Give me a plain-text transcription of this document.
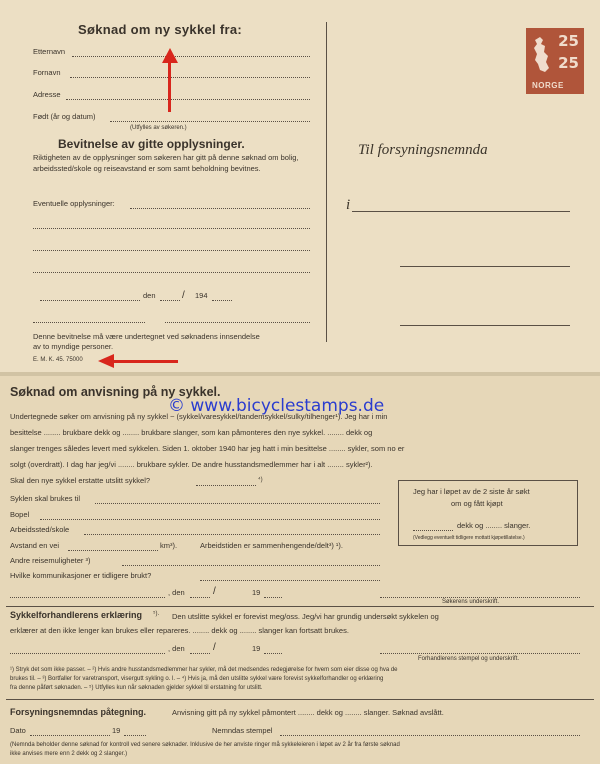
Søknad om ny sykkel fra:
Etternavn
Fornavn
Adresse
Født (år og datum)
(Utfylles av søkeren.)
Bevitnelse av gitte opplysninger.
Riktigheten av de opplysninger som søkeren har gitt på denne søknad om bolig, arbeidssted/skole og reiseavstand er som samt beholdning bevitnes.
Eventuelle opplysninger:
den	/ 194
Denne bevitnelse må være undertegnet ved søknadens innsendelse
av to myndige personer.
E. M. K. 45. 75000
25
25
NORGE
Til forsyningsnemnda
i
Søknad om anvisning på ny sykkel.
© www.bicyclestamps.de
Undertegnede søker om anvisning på ny sykkel ~ (sykkel/varesykkel/tandemsykkel/sulky/tilhenger¹). Jeg har i min
besittelse ........ brukbare dekk og ........ brukbare slanger, som kan påmonteres den nye sykkel. ........ dekk og
slanger trenges således levert med sykkelen. Siden 1. oktober 1940 har jeg hatt i min besittelse ........ sykler, som no er
solgt (overdratt). I dag har jeg/vi ........ brukbare sykler. De andre husstandsmedlemmer har i alt ........ sykler²).
Skal den nye sykkel erstatte utslitt sykkel?	⁴)
Syklen skal brukes til
Bopel
Arbeidssted/skole
Avstand en vei	km³).	Arbeidstiden er sammenhengende/delt³) ¹).
Andre reisemuligheter ³)
Hvilke kommunikasjoner er tidligere brukt?
Jeg har i løpet av de 2 siste år søkt
om og fått kjøpt
dekk og ........ slanger.
(Vedlegg eventuelt tidligere mottatt kjøpetillatelse.)
, den	/	19
Søkerens underskrift.
Sykkelforhandlerens erklæring ⁵). Den utslitte sykkel er forevist meg/oss. Jeg/vi har grundig undersøkt sykkelen og
erklærer at den ikke lenger kan brukes eller repareres. ........ dekk og ........ slanger kan fortsatt brukes.
, den	/	19
Forhandlerens stempel og underskrift.
¹) Stryk det som ikke passer. – ²) Hvis andre husstandsmedlemmer har sykler, må det medsendes redegjørelse for hvem som eier disse og hva de
brukes til. – ³) Bortfaller for varetransport, visergutt sykling o. l. – ⁴) Hvis ja, må den utslitte sykkel være forevist sykkelforhandler og erklæring
fra denne påført søknaden. – ⁵) Utfylles kun når søknaden gjelder sykkel til erstatning for utslitt.
Forsyningsnemndas påtegning.	Anvisning gitt på ny sykkel påmontert ........ dekk og ........ slanger. Søknad avslått.
Dato	19	Nemndas stempel
(Nemnda beholder denne søknad for kontroll ved senere søknader. Inklusive de her anviste ringer må sykkeleieren i løpet av 2 år fra første søknad
ikke anvises mere enn 2 dekk og 2 slanger.)
